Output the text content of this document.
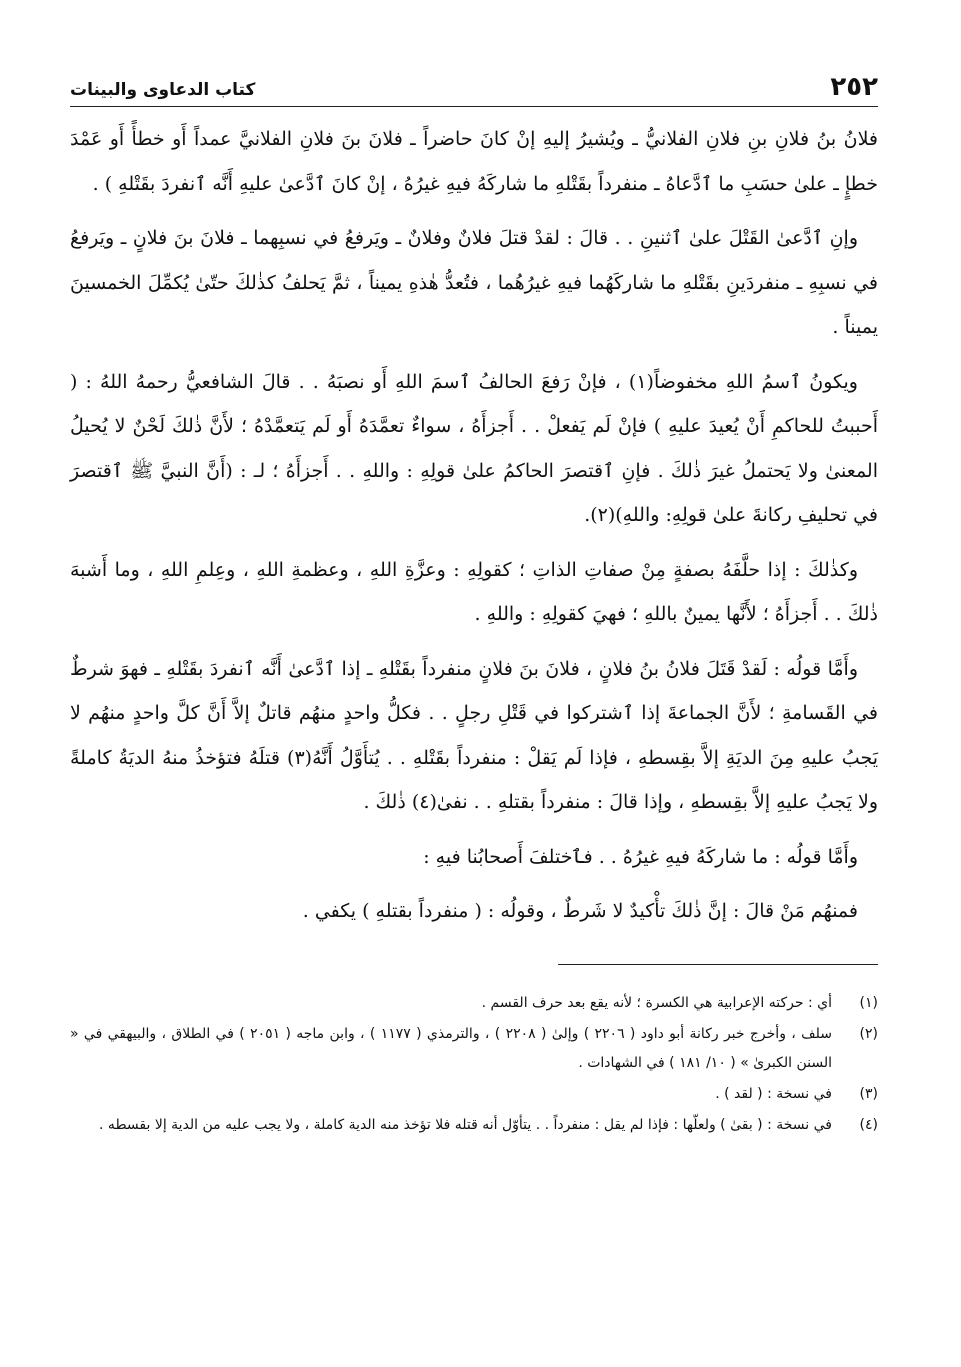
٢٥٢
كتاب الدعاوى والبينات

فلانُ بنُ فلانِ بنِ فلانِ الفلانيُّ ـ ويُشيرُ إليهِ إنْ كانَ حاضراً ـ فلانَ بنَ فلانِ الفلانيَّ عمداً أَو خطأً أَو عَمْدَ خطإٍ ـ علىٰ حسَبِ ما ٱدَّعاهُ ـ منفرداً بقَتْلهِ ما شاركَهُ فيهِ غيرُهُ ، إنْ كانَ ٱدَّعىٰ عليهِ أَنَّه ٱنفردَ بقَتْلهِ ) .

وإنِ ٱدَّعىٰ القَتْلَ علىٰ ٱثنينِ . . قالَ : لقدْ قتلَ فلانٌ وفلانٌ ـ ويَرفعُ في نسبِهما ـ فلانَ بنَ فلانٍ ـ ويَرفعُ في نسبِهِ ـ منفردَينِ بقَتْلهِ ما شاركَهُما فيهِ غيرُهُما ، فتُعدُّ هٰذهِ يميناً ، ثمَّ يَحلفُ كذٰلكَ حتّىٰ يُكمِّلَ الخمسينَ يميناً .

ويكونُ ٱسمُ اللهِ مخفوضاً(١) ، فإنْ رَفعَ الحالفُ ٱسمَ اللهِ أَو نصبَهُ . . قالَ الشافعيُّ رحمهُ اللهُ : ( أَحببتُ للحاكمِ أَنْ يُعيدَ عليهِ ) فإنْ لَم يَفعلْ . . أَجزأَهُ ، سواءٌ تعمَّدَهُ أَو لَم يَتعمَّدْهُ ؛ لأَنَّ ذٰلكَ لَحْنٌ لا يُحيلُ المعنىٰ ولا يَحتملُ غيرَ ذٰلكَ . فإنِ ٱقتصرَ الحاكمُ علىٰ قولِهِ : واللهِ . . أَجزأَهُ ؛ لـ : (أَنَّ النبيَّ ﷺ ٱقتصرَ في تحليفِ ركانةَ علىٰ قولِهِ: واللهِ)(٢).

وكذٰلكَ : إذا حلَّفَهُ بصفةٍ مِنْ صفاتِ الذاتِ ؛ كقولِهِ : وعزَّةِ اللهِ ، وعظمةِ اللهِ ، وعِلمِ اللهِ ، وما أَشبهَ ذٰلكَ . . أَجزأَهُ ؛ لأَنَّها يمينٌ باللهِ ؛ فهيَ كقولِهِ : واللهِ .

وأَمَّا قولُه : لَقدْ قَتَلَ فلانُ بنُ فلانٍ ، فلانَ بنَ فلانٍ منفرداً بقَتْلهِ ـ إذا ٱدَّعىٰ أَنَّه ٱنفردَ بقَتْلهِ ـ فهوَ شرطٌ في القَسامةِ ؛ لأَنَّ الجماعةَ إذا ٱشتركوا في قَتْلِ رجلٍ . . فكلُّ واحدٍ منهُم قاتلٌ إلاَّ أَنَّ كلَّ واحدٍ منهُم لا يَجبُ عليهِ مِنَ الديَةِ إلاَّ بقِسطهِ ، فإذا لَم يَقلْ : منفرداً بقَتْلهِ . . يُتأَوَّلُ أَنَّهُ(٣) قتلَهُ فتؤخذُ منهُ الديَةُ كاملةً ولا يَجبُ عليهِ إلاَّ بقِسطهِ ، وإذا قالَ : منفرداً بقتلهِ . . نفىٰ(٤) ذٰلكَ .

وأَمَّا قولُه : ما شاركَهُ فيهِ غيرُهُ . . فٱختلفَ أَصحابُنا فيهِ :

فمنهُم مَنْ قالَ : إنَّ ذٰلكَ تأْكيدٌ لا شَرطٌ ، وقولُه : ( منفرداً بقتلهِ ) يكفي .

(١)
أي : حركته الإعرابية هي الكسرة ؛ لأنه يقع بعد حرف القسم .
(٢)
سلف ، وأخرج خبر ركانة أبو داود ( ٢٢٠٦ ) وإلىٰ ( ٢٢٠٨ ) ، والترمذي ( ١١٧٧ ) ، وابن ماجه ( ٢٠٥١ ) في الطلاق ، والبيهقي في « السنن الكبرىٰ » ( ١٠/ ١٨١ ) في الشهادات .
(٣)
في نسخة : ( لقد ) .
(٤)
في نسخة : ( بقىٰ ) ولعلّها : فإذا لم يقل : منفرداً . . يتأوّل أنه قتله فلا تؤخذ منه الدية كاملة ، ولا يجب عليه من الدية إلا بقسطه .
